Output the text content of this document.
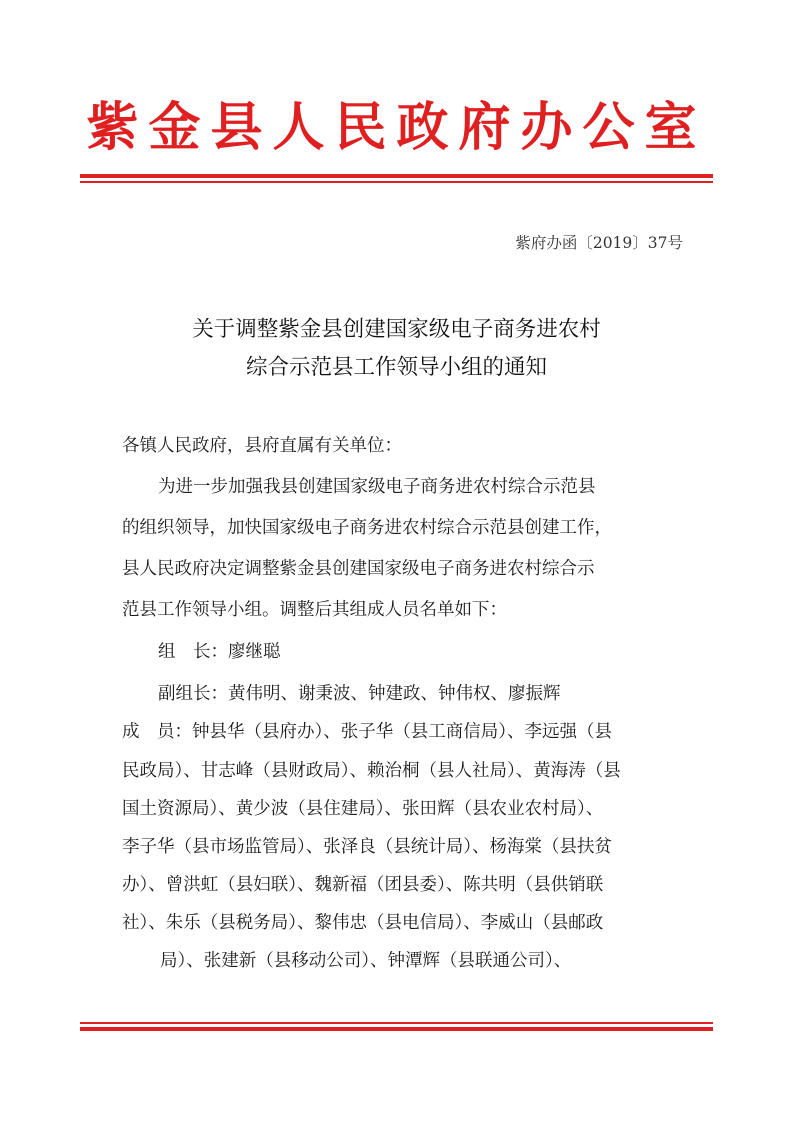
紫金县人民政府办公室
紫府办函〔2019〕37号
关于调整紫金县创建国家级电子商务进农村
综合示范县工作领导小组的通知
各镇人民政府，县府直属有关单位：
为进一步加强我县创建国家级电子商务进农村综合示范县
的组织领导，加快国家级电子商务进农村综合示范县创建工作，
县人民政府决定调整紫金县创建国家级电子商务进农村综合示
范县工作领导小组。调整后其组成人员名单如下：
组　长：廖继聪
副组长：黄伟明、谢秉波、钟建政、钟伟权、廖振辉
成　员：钟县华（县府办）、张子华（县工商信局）、李远强（县
民政局）、甘志峰（县财政局）、赖治桐（县人社局）、黄海涛（县
国土资源局）、黄少波（县住建局）、张田辉（县农业农村局）、
李子华（县市场监管局）、张泽良（县统计局）、杨海棠（县扶贫
办）、曾洪虹（县妇联）、魏新福（团县委）、陈共明（县供销联
社）、朱乐（县税务局）、黎伟忠（县电信局）、李威山（县邮政
局）、张建新（县移动公司）、钟潭辉（县联通公司）、
